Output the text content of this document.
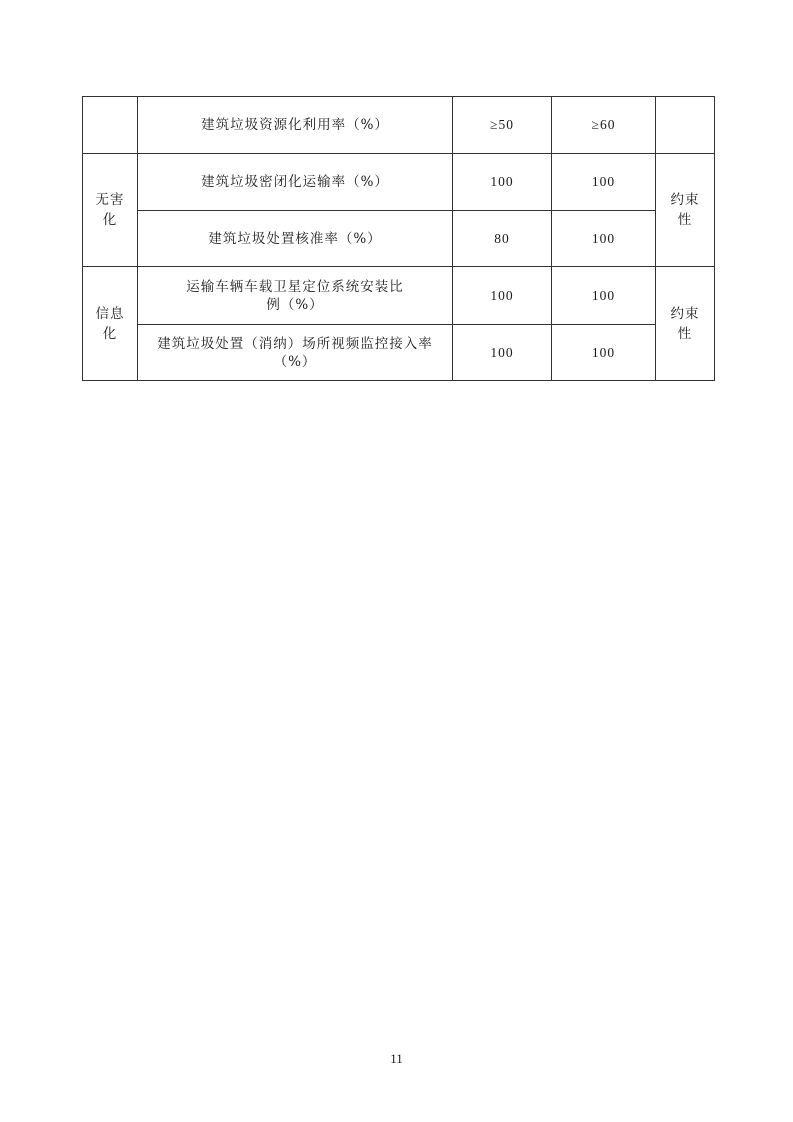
	建筑垃圾资源化利用率（%）	≥50	≥60	
无害化	建筑垃圾密闭化运输率（%）	100	100	约束性
	建筑垃圾处置核准率（%）	80	100	
信息化	运输车辆车载卫星定位系统安装比例（%）	100	100	约束性
	建筑垃圾处置（消纳）场所视频监控接入率（%）	100	100	
11
